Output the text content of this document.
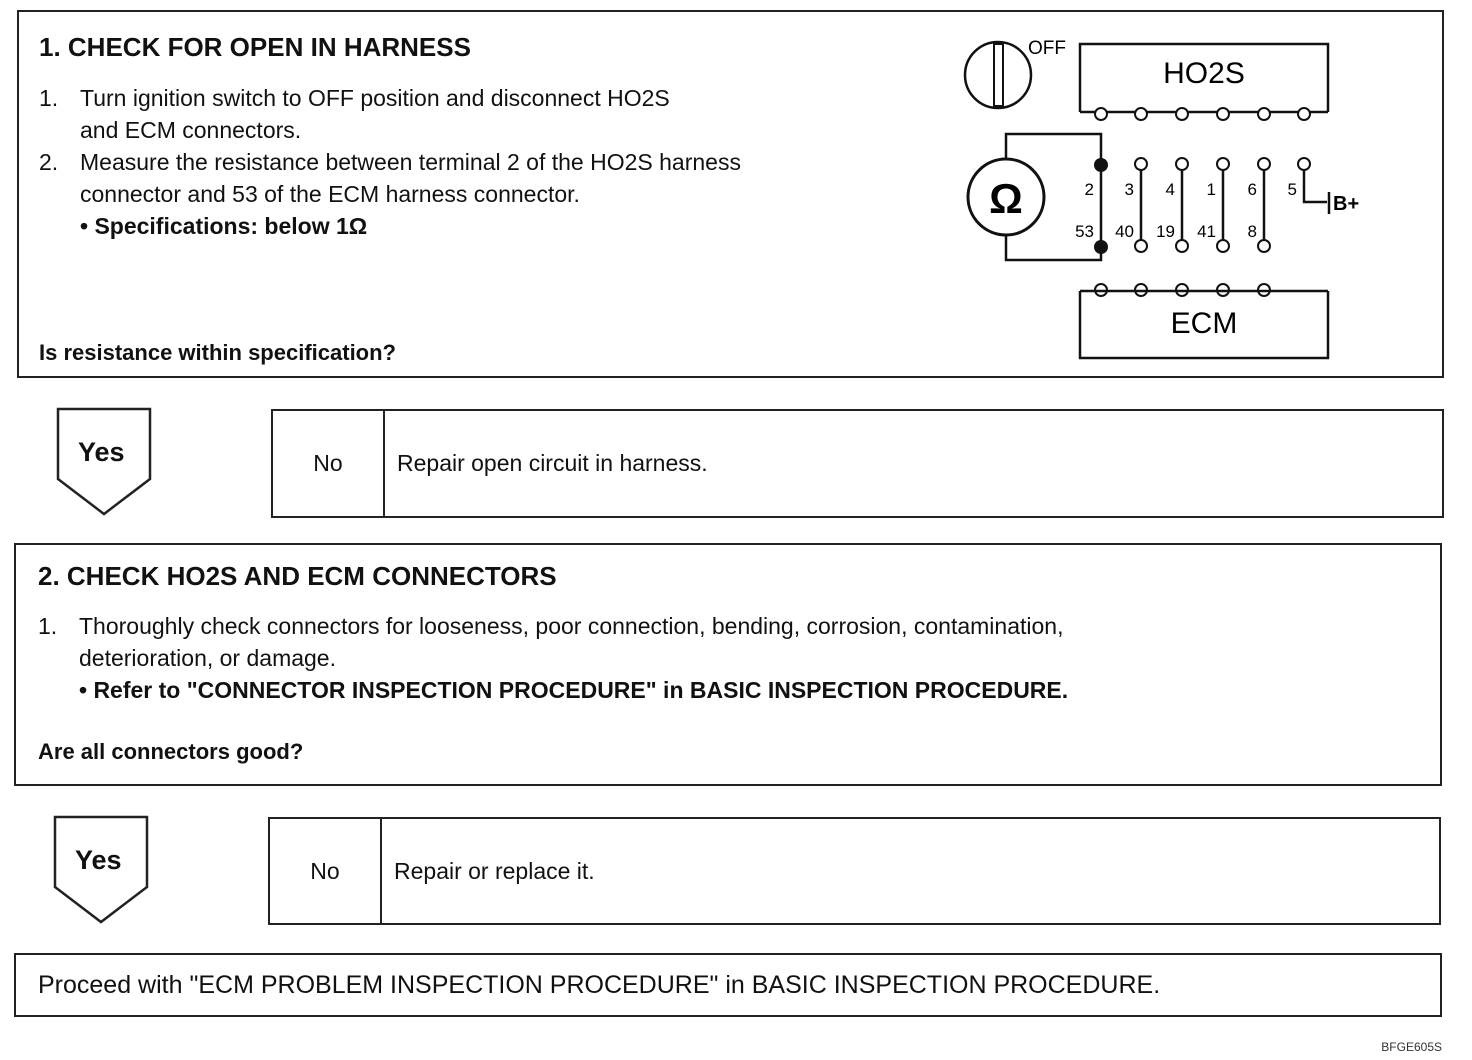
1. CHECK FOR OPEN IN HARNESS
1. Turn ignition switch to OFF position and disconnect HO2S
and ECM connectors.
2. Measure the resistance between terminal 2 of the HO2S harness
connector and 53 of the ECM harness connector.
• Specifications: below 1Ω
Is resistance within specification?
OFF
HO2S
Ω	B+
2 3 4 1 6 5
53 40 19 41 8
ECM
Yes	No	Repair open circuit in harness.
2. CHECK HO2S AND ECM CONNECTORS
1. Thoroughly check connectors for looseness, poor connection, bending, corrosion, contamination,
deterioration, or damage.
• Refer to "CONNECTOR INSPECTION PROCEDURE" in BASIC INSPECTION PROCEDURE.
Are all connectors good?
Yes	No	Repair or replace it.
Proceed with "ECM PROBLEM INSPECTION PROCEDURE" in BASIC INSPECTION PROCEDURE.
BFGE605S
